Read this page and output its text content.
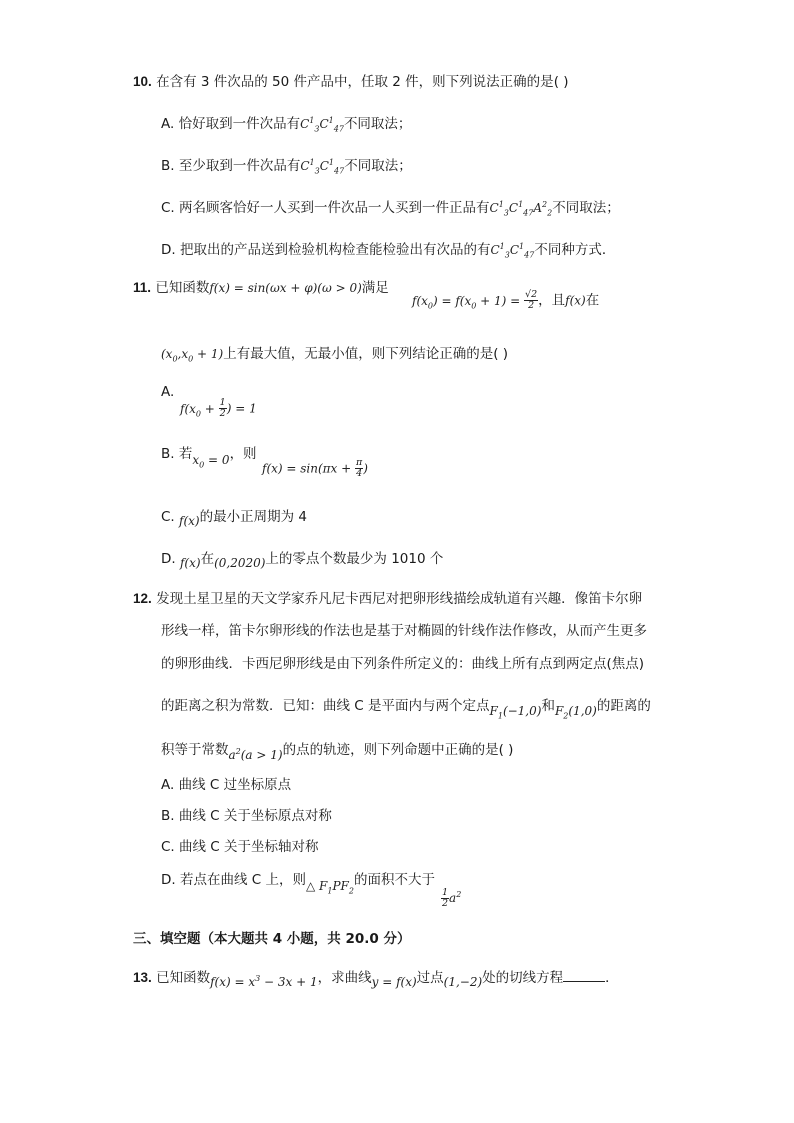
10. 在含有 3 件次品的 50 件产品中，任取 2 件，则下列说法正确的是( )
A. 恰好取到一件次品有$C^1_3C^1_{47}$不同取法；
B. 至少取到一件次品有$C^1_3C^1_{47}$不同取法；
C. 两名顾客恰好一人买到一件次品一人买到一件正品有$C^1_3C^1_{47}A^2_2$不同取法；
D. 把取出的产品送到检验机构检查能检验出有次品的有$C^1_3C^1_{47}$不同种方式．
11. 已知函数f(x) = sin(ωx + φ)(ω > 0)满足
$f(x_0) = f(x_0 + 1) = \frac{√2}{2}$ ，且f(x)在
$(x_0,x_0 + 1)$上有最大值，无最小值，则下列结论正确的是( )
A.
$f(x_0 + \frac{1}{2}$ ) = 1
B. 若$x_0 = 0$，则
$f(x) = \sin(\pi x + \frac{\pi}{4}$ )
C. f(x)的最小正周期为 4
D. f(x)在(0,2020)上的零点个数最少为 1010 个
12. 发现土星卫星的天文学家乔凡尼卡西尼对把卵形线描绘成轨道有兴趣．像笛卡尔卵
形线一样，笛卡尔卵形线的作法也是基于对椭圆的针线作法作修改，从而产生更多
的卵形曲线．卡西尼卵形线是由下列条件所定义的：曲线上所有点到两定点(焦点)
的距离之积为常数．已知：曲线 C 是平面内与两个定点$F_1(-1,0)$和$F_2(1,0)$的距离的
积等于常数$a^2(a > 1)$的点的轨迹，则下列命题中正确的是( )
A. 曲线 C 过坐标原点
B. 曲线 C 关于坐标原点对称
C. 曲线 C 关于坐标轴对称
D. 若点在曲线 C 上，则△ $F_1PF_2$的面积不大于
$\frac{1}{2} a^2$
三、填空题（本大题共 4 小题，共 20.0 分）
13. 已知函数$f(x) = x^3 - 3x + 1$，求曲线y = f(x)过点(1,−2)处的切线方程	．
